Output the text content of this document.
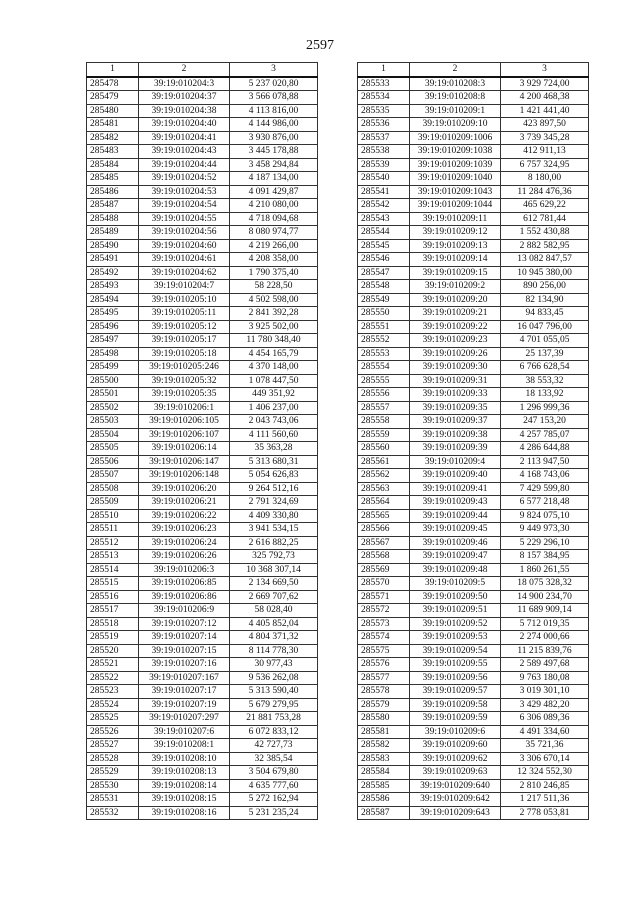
2597
1	2	3
285478	39:19:010204:3	5 237 020,80
285479	39:19:010204:37	3 566 078,88
285480	39:19:010204:38	4 113 816,00
285481	39:19:010204:40	4 144 986,00
285482	39:19:010204:41	3 930 876,00
285483	39:19:010204:43	3 445 178,88
285484	39:19:010204:44	3 458 294,84
285485	39:19:010204:52	4 187 134,00
285486	39:19:010204:53	4 091 429,87
285487	39:19:010204:54	4 210 080,00
285488	39:19:010204:55	4 718 094,68
285489	39:19:010204:56	8 080 974,77
285490	39:19:010204:60	4 219 266,00
285491	39:19:010204:61	4 208 358,00
285492	39:19:010204:62	1 790 375,40
285493	39:19:010204:7	58 228,50
285494	39:19:010205:10	4 502 598,00
285495	39:19:010205:11	2 841 392,28
285496	39:19:010205:12	3 925 502,00
285497	39:19:010205:17	11 780 348,40
285498	39:19:010205:18	4 454 165,79
285499	39:19:010205:246	4 370 148,00
285500	39:19:010205:32	1 078 447,50
285501	39:19:010205:35	449 351,92
285502	39:19:010206:1	1 406 237,00
285503	39:19:010206:105	2 043 743,06
285504	39:19:010206:107	4 111 560,60
285505	39:19:010206:14	35 363,28
285506	39:19:010206:147	5 313 680,31
285507	39:19:010206:148	5 054 626,83
285508	39:19:010206:20	9 264 512,16
285509	39:19:010206:21	2 791 324,69
285510	39:19:010206:22	4 409 330,80
285511	39:19:010206:23	3 941 534,15
285512	39:19:010206:24	2 616 882,25
285513	39:19:010206:26	325 792,73
285514	39:19:010206:3	10 368 307,14
285515	39:19:010206:85	2 134 669,50
285516	39:19:010206:86	2 669 707,62
285517	39:19:010206:9	58 028,40
285518	39:19:010207:12	4 405 852,04
285519	39:19:010207:14	4 804 371,32
285520	39:19:010207:15	8 114 778,30
285521	39:19:010207:16	30 977,43
285522	39:19:010207:167	9 536 262,08
285523	39:19:010207:17	5 313 590,40
285524	39:19:010207:19	5 679 279,95
285525	39:19:010207:297	21 881 753,28
285526	39:19:010207:6	6 072 833,12
285527	39:19:010208:1	42 727,73
285528	39:19:010208:10	32 385,54
285529	39:19:010208:13	3 504 679,80
285530	39:19:010208:14	4 635 777,60
285531	39:19:010208:15	5 272 162,94
285532	39:19:010208:16	5 231 235,24
1	2	3
285533	39:19:010208:3	3 929 724,00
285534	39:19:010208:8	4 200 468,38
285535	39:19:010209:1	1 421 441,40
285536	39:19:010209:10	423 897,50
285537	39:19:010209:1006	3 739 345,28
285538	39:19:010209:1038	412 911,13
285539	39:19:010209:1039	6 757 324,95
285540	39:19:010209:1040	8 180,00
285541	39:19:010209:1043	11 284 476,36
285542	39:19:010209:1044	465 629,22
285543	39:19:010209:11	612 781,44
285544	39:19:010209:12	1 552 430,88
285545	39:19:010209:13	2 882 582,95
285546	39:19:010209:14	13 082 847,57
285547	39:19:010209:15	10 945 380,00
285548	39:19:010209:2	890 256,00
285549	39:19:010209:20	82 134,90
285550	39:19:010209:21	94 833,45
285551	39:19:010209:22	16 047 796,00
285552	39:19:010209:23	4 701 055,05
285553	39:19:010209:26	25 137,39
285554	39:19:010209:30	6 766 628,54
285555	39:19:010209:31	38 553,32
285556	39:19:010209:33	18 133,92
285557	39:19:010209:35	1 296 999,36
285558	39:19:010209:37	247 153,20
285559	39:19:010209:38	4 257 785,07
285560	39:19:010209:39	4 286 644,88
285561	39:19:010209:4	2 113 947,50
285562	39:19:010209:40	4 168 743,06
285563	39:19:010209:41	7 429 599,80
285564	39:19:010209:43	6 577 218,48
285565	39:19:010209:44	9 824 075,10
285566	39:19:010209:45	9 449 973,30
285567	39:19:010209:46	5 229 296,10
285568	39:19:010209:47	8 157 384,95
285569	39:19:010209:48	1 860 261,55
285570	39:19:010209:5	18 075 328,32
285571	39:19:010209:50	14 900 234,70
285572	39:19:010209:51	11 689 909,14
285573	39:19:010209:52	5 712 019,35
285574	39:19:010209:53	2 274 000,66
285575	39:19:010209:54	11 215 839,76
285576	39:19:010209:55	2 589 497,68
285577	39:19:010209:56	9 763 180,08
285578	39:19:010209:57	3 019 301,10
285579	39:19:010209:58	3 429 482,20
285580	39:19:010209:59	6 306 089,36
285581	39:19:010209:6	4 491 334,60
285582	39:19:010209:60	35 721,36
285583	39:19:010209:62	3 306 670,14
285584	39:19:010209:63	12 324 552,30
285585	39:19:010209:640	2 810 246,85
285586	39:19:010209:642	1 217 511,36
285587	39:19:010209:643	2 778 053,81
